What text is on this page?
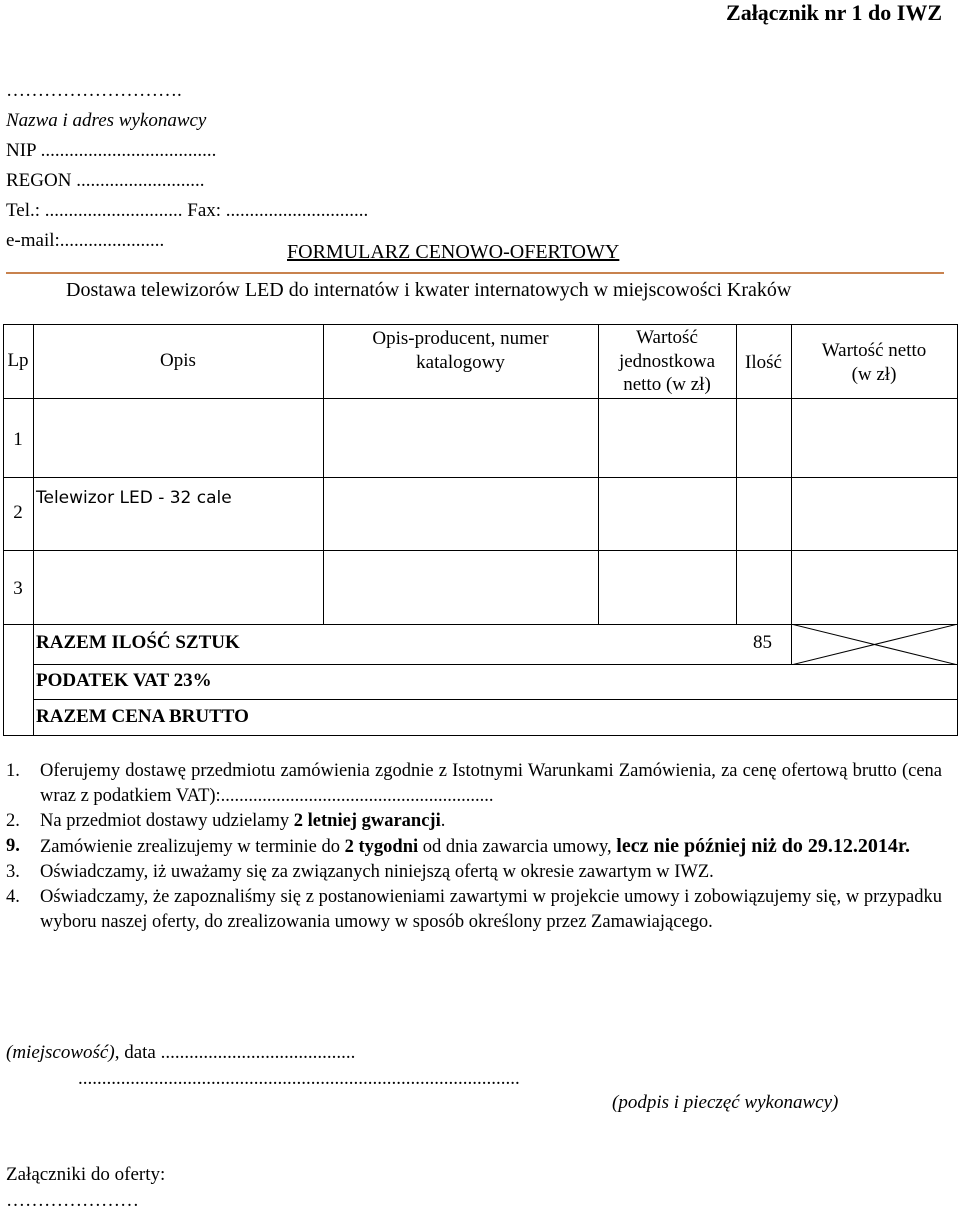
Załącznik nr 1 do IWZ
……………………….
Nazwa i adres wykonawcy
NIP .....................................
REGON ...........................
Tel.: ............................. Fax: ..............................
e-mail:......................
FORMULARZ CENOWO-OFERTOWY
Dostawa telewizorów LED do internatów i kwater internatowych w miejscowości Kraków
Lp	Opis
Opis-producent, numer
katalogowy
Wartość
jednostkowa
netto (w zł)
Ilość
Wartość netto
(w zł)
1
2
Telewizor LED - 32 cale
3
RAZEM ILOŚĆ SZTUK	85
PODATEK VAT 23%
RAZEM CENA BRUTTO
1. Oferujemy dostawę przedmiotu zamówienia zgodnie z Istotnymi Warunkami Zamówienia, za cenę ofertową brutto (cena wraz z podatkiem VAT):...........................................................
2. Na przedmiot dostawy udzielamy 2 letniej gwarancji.
9. Zamówienie zrealizujemy w terminie do 2 tygodni od dnia zawarcia umowy, lecz nie później niż do 29.12.2014r.
3. Oświadczamy, iż uważamy się za związanych niniejszą ofertą w okresie zawartym w IWZ.
4. Oświadczamy, że zapoznaliśmy się z postanowieniami zawartymi w projekcie umowy i zobowiązujemy się, w przypadku wyboru naszej oferty, do zrealizowania umowy w sposób określony przez Zamawiającego.
(miejscowość), data .........................................
.............................................................................................
(podpis i pieczęć wykonawcy)
Załączniki do oferty:
…………………
